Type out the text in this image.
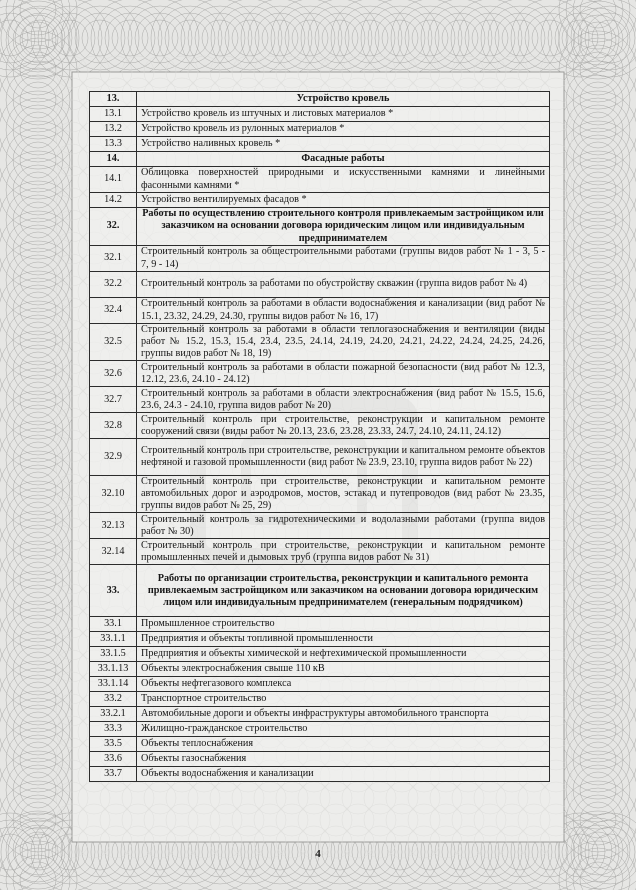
13.	Устройство кровель
13.1	Устройство кровель из штучных и листовых материалов *
13.2	Устройство кровель из рулонных материалов *
13.3	Устройство наливных кровель *
14.	Фасадные работы
14.1	Облицовка поверхностей природными и искусственными камнями и линейными фасонными камнями *
14.2	Устройство вентилируемых фасадов *
32.	Работы по осуществлению строительного контроля привлекаемым застройщиком или заказчиком на основании договора юридическим лицом или индивидуальным предпринимателем
32.1	Строительный контроль за общестроительными работами (группы видов работ № 1 - 3, 5 - 7, 9 - 14)
32.2	Строительный контроль за работами по обустройству скважин (группа видов работ № 4)
32.4	Строительный контроль за работами в области водоснабжения и канализации (вид работ № 15.1, 23.32, 24.29, 24.30, группы видов работ № 16, 17)
32.5	Строительный контроль за работами в области теплогазоснабжения и вентиляции (виды работ № 15.2, 15.3, 15.4, 23.4, 23.5, 24.14, 24.19, 24.20, 24.21, 24.22, 24.24, 24.25, 24.26, группы видов работ № 18, 19)
32.6	Строительный контроль за работами в области пожарной безопасности (вид работ № 12.3, 12.12, 23.6, 24.10 - 24.12)
32.7	Строительный контроль за работами в области электроснабжения (вид работ № 15.5, 15.6, 23.6, 24.3 - 24.10, группа видов работ № 20)
32.8	Строительный контроль при строительстве, реконструкции и капитальном ремонте сооружений связи (виды работ № 20.13, 23.6, 23.28, 23.33, 24.7, 24.10, 24.11, 24.12)
32.9	Строительный контроль при строительстве, реконструкции и капитальном ремонте объектов нефтяной и газовой промышленности (вид работ № 23.9, 23.10, группа видов работ № 22)
32.10	Строительный контроль при строительстве, реконструкции и капитальном ремонте автомобильных дорог и аэродромов, мостов, эстакад и путепроводов (вид работ № 23.35, группы видов работ № 25, 29)
32.13	Строительный контроль за гидротехническими и водолазными работами (группа видов работ № 30)
32.14	Строительный контроль при строительстве, реконструкции и капитальном ремонте промышленных печей и дымовых труб (группа видов работ № 31)
33.	Работы по организации строительства, реконструкции и капитального ремонта привлекаемым застройщиком или заказчиком на основании договора юридическим лицом или индивидуальным предпринимателем (генеральным подрядчиком)
33.1	Промышленное строительство
33.1.1	Предприятия и объекты топливной промышленности
33.1.5	Предприятия и объекты химической и нефтехимической промышленности
33.1.13	Объекты электроснабжения свыше 110 кВ
33.1.14	Объекты нефтегазового комплекса
33.2	Транспортное строительство
33.2.1	Автомобильные дороги и объекты инфраструктуры автомобильного транспорта
33.3	Жилищно-гражданское строительство
33.5	Объекты теплоснабжения
33.6	Объекты газоснабжения
33.7	Объекты водоснабжения и канализации
4
